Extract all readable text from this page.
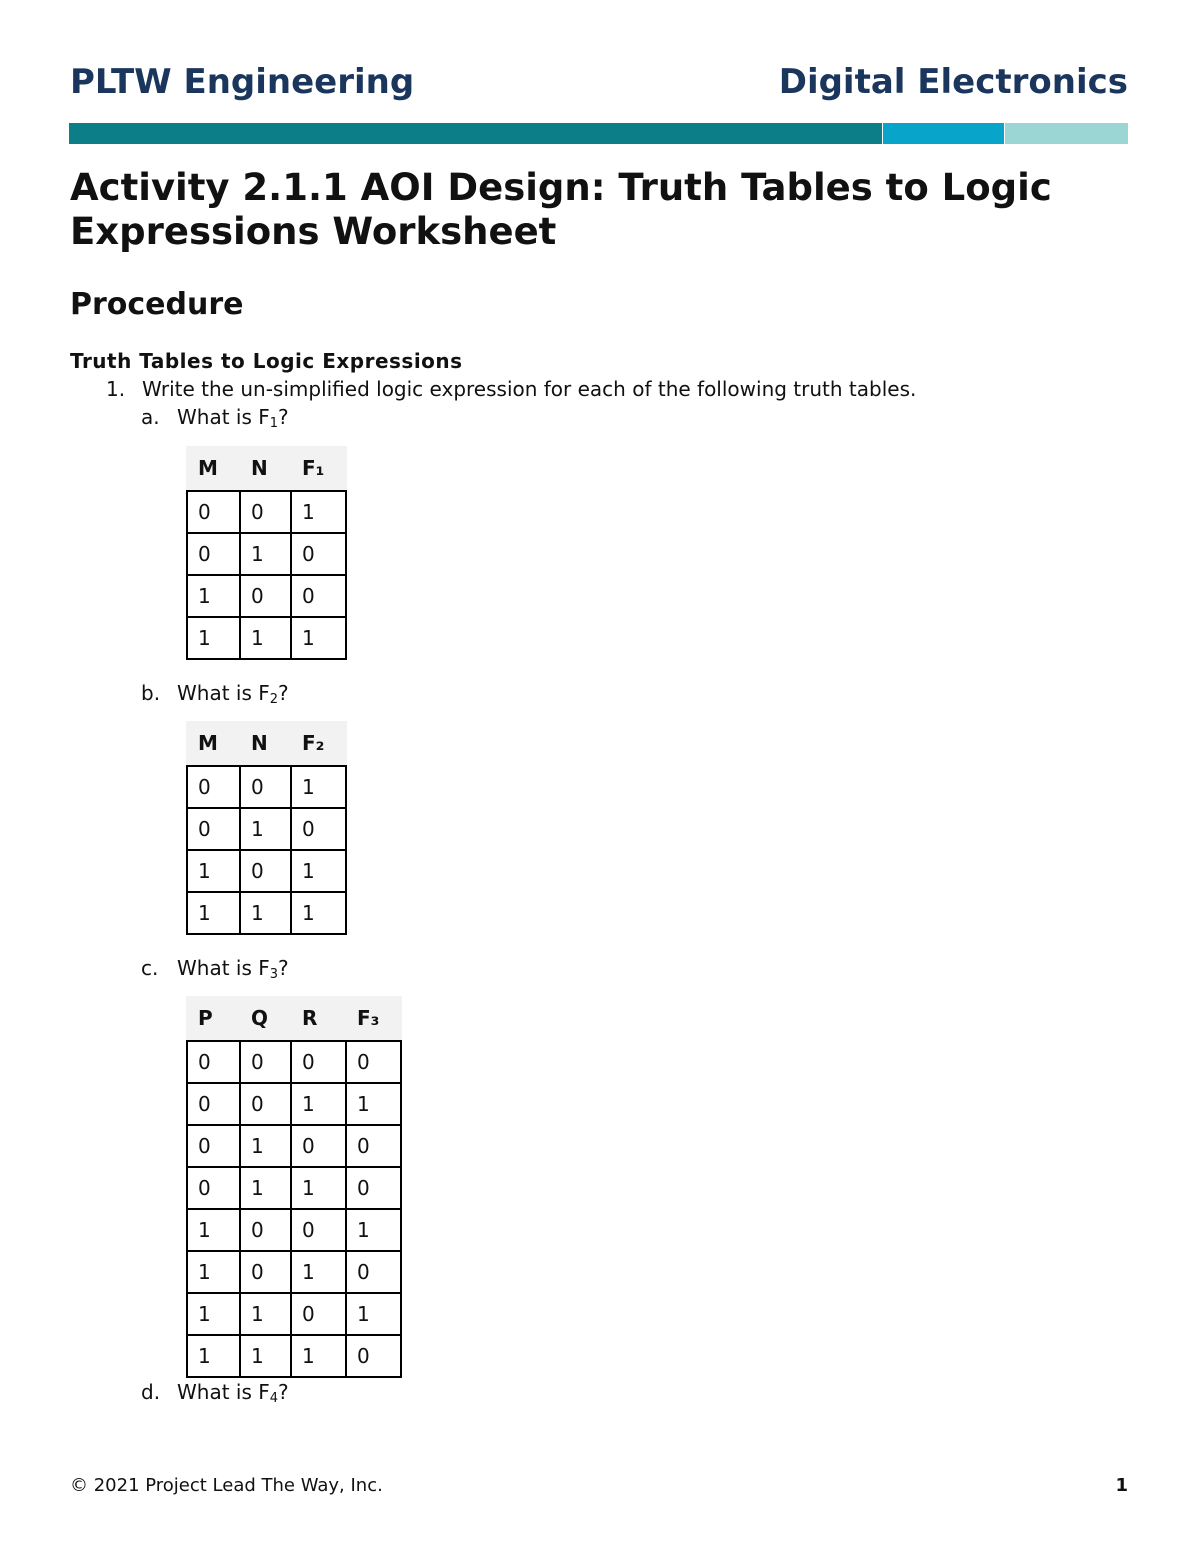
PLTW Engineering	Digital Electronics
Activity 2.1.1 AOI Design: Truth Tables to Logic Expressions Worksheet
Procedure
Truth Tables to Logic Expressions
1. Write the un-simplified logic expression for each of the following truth tables.
a. What is $F_1$?
M	N	F₁
0	0	1
0	1	0
1	0	0
1	1	1
b. What is $F_2$?
M	N	F₂
0	0	1
0	1	0
1	0	1
1	1	1
c. What is $F_3$?
P	Q	R	F₃
0	0	0	0
0	0	1	1
0	1	0	0
0	1	1	0
1	0	0	1
1	0	1	0
1	1	0	1
1	1	1	0
d. What is $F_4$?
© 2021 Project Lead The Way, Inc.	1
